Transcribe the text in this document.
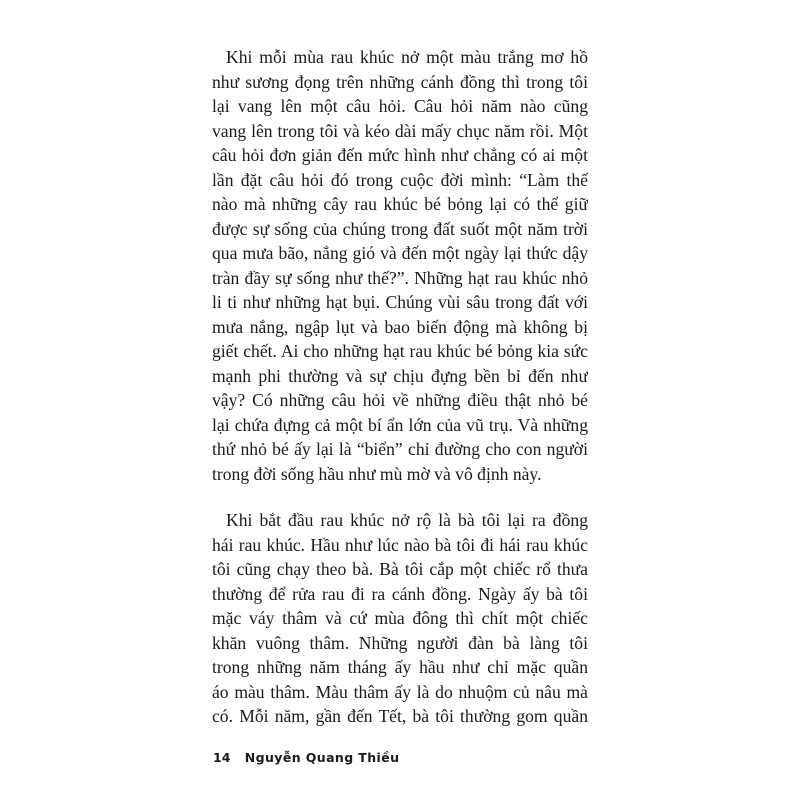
Khi mỗi mùa rau khúc nở một màu trắng mơ hồ
như sương đọng trên những cánh đồng thì trong tôi
lại vang lên một câu hỏi. Câu hỏi năm nào cũng
vang lên trong tôi và kéo dài mấy chục năm rồi. Một
câu hỏi đơn giản đến mức hình như chẳng có ai một
lần đặt câu hỏi đó trong cuộc đời mình: “Làm thế
nào mà những cây rau khúc bé bỏng lại có thể giữ
được sự sống của chúng trong đất suốt một năm trời
qua mưa bão, nắng gió và đến một ngày lại thức dậy
tràn đầy sự sống như thế?”. Những hạt rau khúc nhỏ
li ti như những hạt bụi. Chúng vùi sâu trong đất với
mưa nắng, ngập lụt và bao biến động mà không bị
giết chết. Ai cho những hạt rau khúc bé bỏng kia sức
mạnh phi thường và sự chịu đựng bền bỉ đến như
vậy? Có những câu hỏi về những điều thật nhỏ bé
lại chứa đựng cả một bí ẩn lớn của vũ trụ. Và những
thứ nhỏ bé ấy lại là “biển” chỉ đường cho con người
trong đời sống hầu như mù mờ và vô định này.
Khi bắt đầu rau khúc nở rộ là bà tôi lại ra đồng
hái rau khúc. Hầu như lúc nào bà tôi đi hái rau khúc
tôi cũng chạy theo bà. Bà tôi cắp một chiếc rổ thưa
thường để rửa rau đi ra cánh đồng. Ngày ấy bà tôi
mặc váy thâm và cứ mùa đông thì chít một chiếc
khăn vuông thâm. Những người đàn bà làng tôi
trong những năm tháng ấy hầu như chỉ mặc quần
áo màu thâm. Màu thâm ấy là do nhuộm củ nâu mà
có. Mỗi năm, gần đến Tết, bà tôi thường gom quần
14 Nguyễn Quang Thiều
